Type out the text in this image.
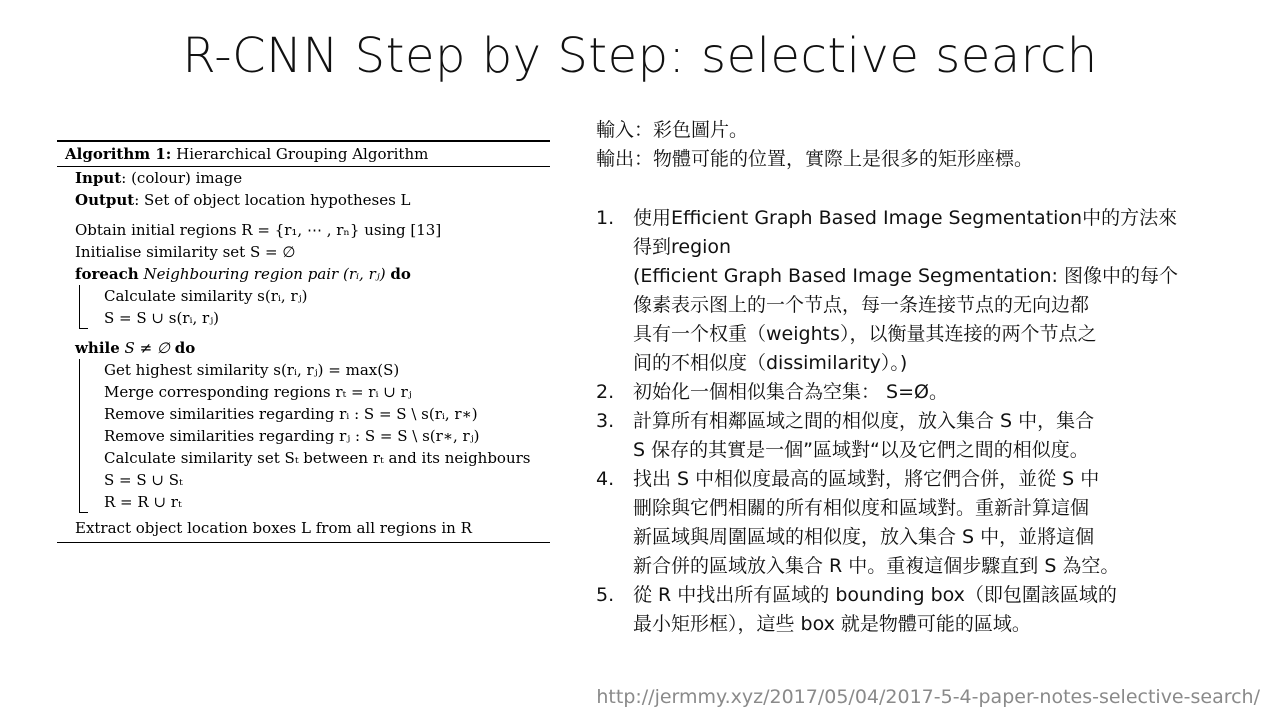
R-CNN Step by Step: selective search
Algorithm 1: Hierarchical Grouping Algorithm
Input: (colour) image
Output: Set of object location hypotheses L
Obtain initial regions R = {r₁, ⋯ , rₙ} using [13]
Initialise similarity set S = ∅
foreach Neighbouring region pair (rᵢ, rⱼ) do
Calculate similarity s(rᵢ, rⱼ)
S = S ∪ s(rᵢ, rⱼ)
while S ≠ ∅ do
Get highest similarity s(rᵢ, rⱼ) = max(S)
Merge corresponding regions rₜ = rᵢ ∪ rⱼ
Remove similarities regarding rᵢ : S = S \ s(rᵢ, r∗)
Remove similarities regarding rⱼ : S = S \ s(r∗, rⱼ)
Calculate similarity set Sₜ between rₜ and its neighbours
S = S ∪ Sₜ
R = R ∪ rₜ
Extract object location boxes L from all regions in R

輸入：彩色圖片。

輸出：物體可能的位置，實際上是很多的矩形座標。

1. 使用Efficient Graph Based Image Segmentation中的方法來
得到region
(Efficient Graph Based Image Segmentation: 图像中的每个
像素表示图上的一个节点，每一条连接节点的无向边都
具有一个权重（weights），以衡量其连接的两个节点之
间的不相似度（dissimilarity）。)
2. 初始化一個相似集合為空集： S=Ø。
3. 計算所有相鄰區域之間的相似度，放入集合 S 中，集合
S 保存的其實是一個”區域對“以及它們之間的相似度。
4. 找出 S 中相似度最高的區域對，將它們合併，並從 S 中
刪除與它們相關的所有相似度和區域對。重新計算這個
新區域與周圍區域的相似度，放入集合 S 中，並將這個
新合併的區域放入集合 R 中。重複這個步驟直到 S 為空。
5. 從 R 中找出所有區域的 bounding box（即包圍該區域的
最小矩形框），這些 box 就是物體可能的區域。
http://jermmy.xyz/2017/05/04/2017-5-4-paper-notes-selective-search/
